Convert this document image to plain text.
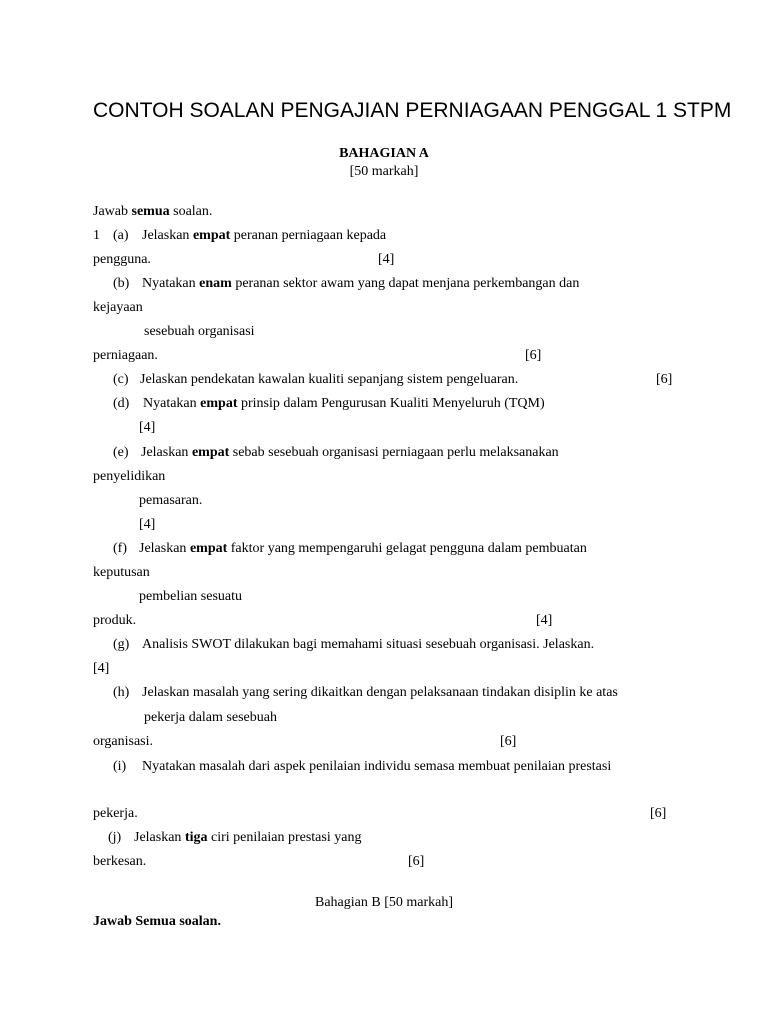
CONTOH SOALAN PENGAJIAN PERNIAGAAN PENGGAL 1 STPM
BAHAGIAN A
[50 markah]
Jawab semua soalan.
1 (a) Jelaskan empat peranan perniagaan kepada
pengguna.	[4]
(b) Nyatakan enam peranan sektor awam yang dapat menjana perkembangan dan
kejayaan
sesebuah organisasi
perniagaan.	[6]
(c) Jelaskan pendekatan kawalan kualiti sepanjang sistem pengeluaran.	[6]
(d) Nyatakan empat prinsip dalam Pengurusan Kualiti Menyeluruh (TQM)
[4]
(e) Jelaskan empat sebab sesebuah organisasi perniagaan perlu melaksanakan
penyelidikan
pemasaran.
[4]
(f) Jelaskan empat faktor yang mempengaruhi gelagat pengguna dalam pembuatan
keputusan
pembelian sesuatu
produk.	[4]
(g) Analisis SWOT dilakukan bagi memahami situasi sesebuah organisasi. Jelaskan.
[4]
(h) Jelaskan masalah yang sering dikaitkan dengan pelaksanaan tindakan disiplin ke atas
pekerja dalam sesebuah
organisasi.	[6]
(i) Nyatakan masalah dari aspek penilaian individu semasa membuat penilaian prestasi
pekerja.	[6]
(j) Jelaskan tiga ciri penilaian prestasi yang
berkesan.	[6]
Bahagian B [50 markah]
Jawab Semua soalan.
